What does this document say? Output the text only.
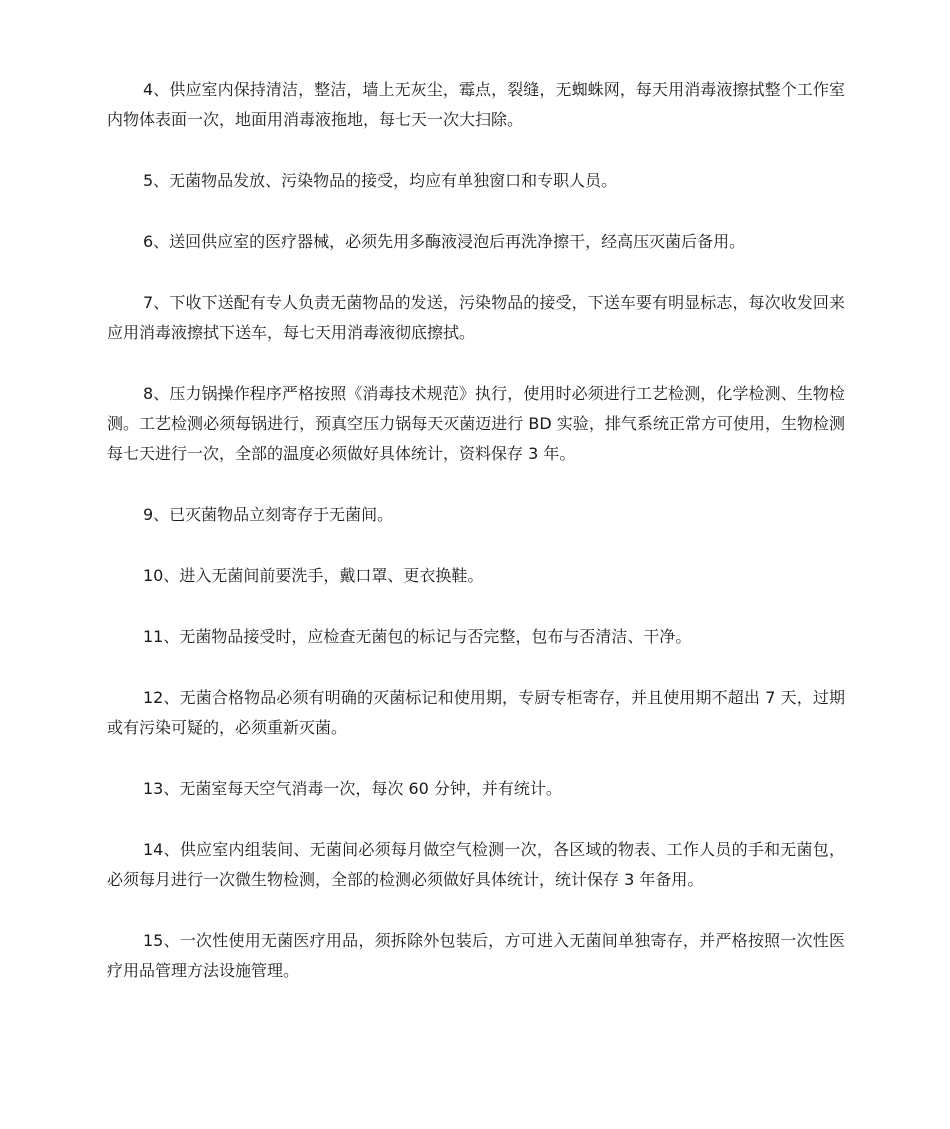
4、供应室内保持清洁，整洁，墙上无灰尘，霉点，裂缝，无蜘蛛网，每天用消毒液擦拭整个工作室内物体表面一次，地面用消毒液拖地，每七天一次大扫除。

5、无菌物品发放、污染物品的接受，均应有单独窗口和专职人员。

6、送回供应室的医疗器械，必须先用多酶液浸泡后再洗净擦干，经高压灭菌后备用。

7、下收下送配有专人负责无菌物品的发送，污染物品的接受，下送车要有明显标志，每次收发回来应用消毒液擦拭下送车，每七天用消毒液彻底擦拭。

8、压力锅操作程序严格按照《消毒技术规范》执行，使用时必须进行工艺检测，化学检测、生物检测。工艺检测必须每锅进行，预真空压力锅每天灭菌迈进行 BD 实验，排气系统正常方可使用，生物检测每七天进行一次，全部的温度必须做好具体统计，资料保存 3 年。

9、已灭菌物品立刻寄存于无菌间。

10、进入无菌间前要洗手，戴口罩、更衣换鞋。

11、无菌物品接受时，应检查无菌包的标记与否完整，包布与否清洁、干净。

12、无菌合格物品必须有明确的灭菌标记和使用期，专厨专柜寄存，并且使用期不超出 7 天，过期或有污染可疑的，必须重新灭菌。

13、无菌室每天空气消毒一次，每次 60 分钟，并有统计。

14、供应室内组装间、无菌间必须每月做空气检测一次，各区域的物表、工作人员的手和无菌包，必须每月进行一次微生物检测，全部的检测必须做好具体统计，统计保存 3 年备用。

15、一次性使用无菌医疗用品，须拆除外包装后，方可进入无菌间单独寄存，并严格按照一次性医疗用品管理方法设施管理。
